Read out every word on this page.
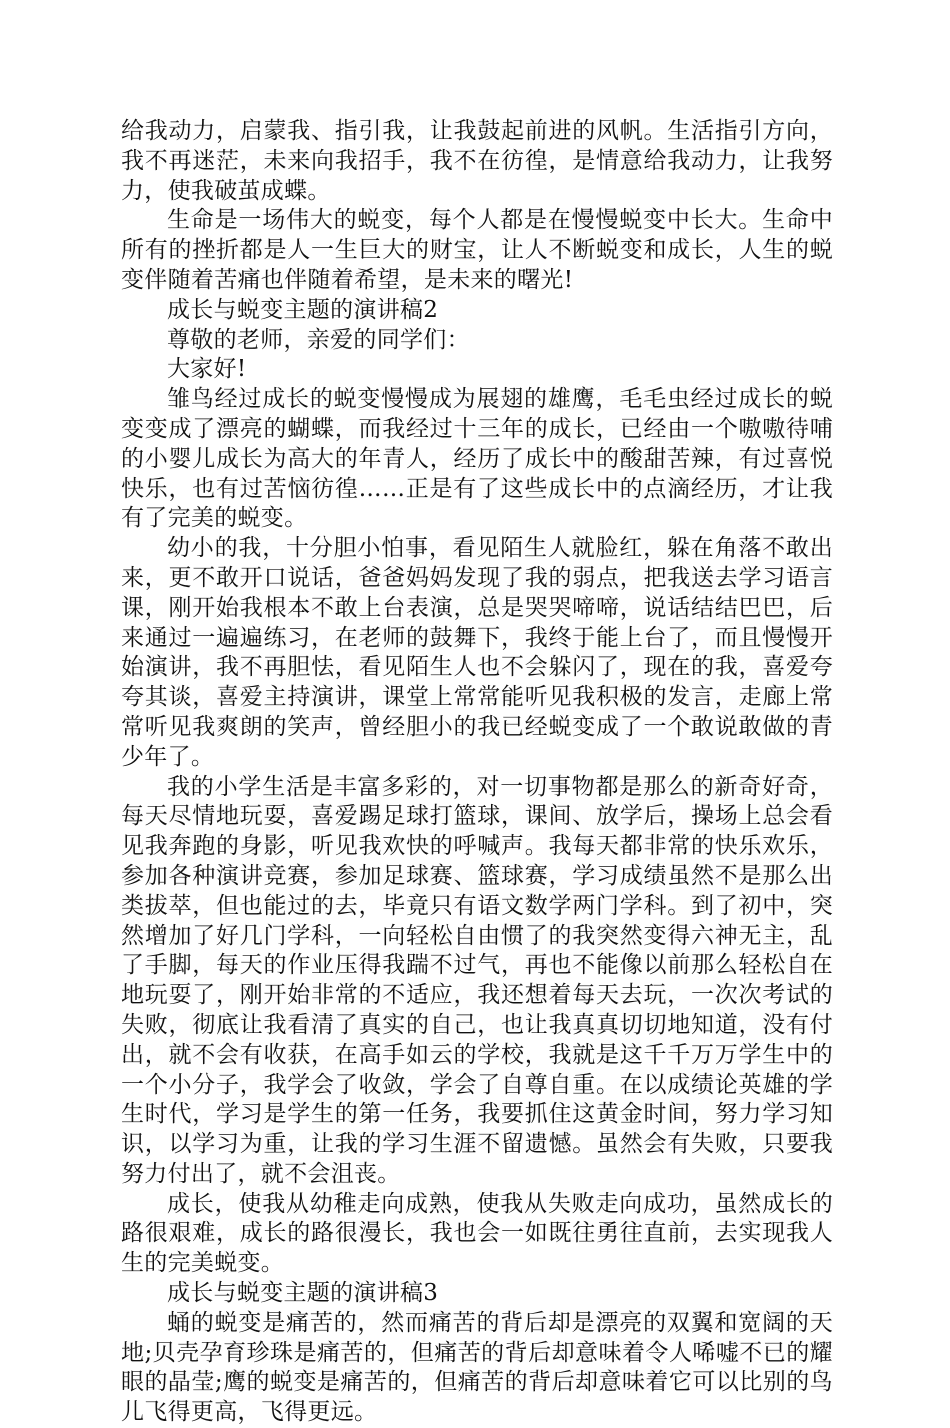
给我动力，启蒙我、指引我，让我鼓起前进的风帆。生活指引方向，我不再迷茫，未来向我招手，我不在彷徨，是情意给我动力，让我努力，使我破茧成蝶。

生命是一场伟大的蜕变，每个人都是在慢慢蜕变中长大。生命中所有的挫折都是人一生巨大的财宝，让人不断蜕变和成长，人生的蜕变伴随着苦痛也伴随着希望，是未来的曙光!

成长与蜕变主题的演讲稿2

尊敬的老师，亲爱的同学们：

大家好!

雏鸟经过成长的蜕变慢慢成为展翅的雄鹰，毛毛虫经过成长的蜕变变成了漂亮的蝴蝶，而我经过十三年的成长，已经由一个嗷嗷待哺的小婴儿成长为高大的年青人，经历了成长中的酸甜苦辣，有过喜悦快乐，也有过苦恼彷徨……正是有了这些成长中的点滴经历，才让我有了完美的蜕变。

幼小的我，十分胆小怕事，看见陌生人就脸红，躲在角落不敢出来，更不敢开口说话，爸爸妈妈发现了我的弱点，把我送去学习语言课，刚开始我根本不敢上台表演，总是哭哭啼啼，说话结结巴巴，后来通过一遍遍练习，在老师的鼓舞下，我终于能上台了，而且慢慢开始演讲，我不再胆怯，看见陌生人也不会躲闪了，现在的我，喜爱夸夸其谈，喜爱主持演讲，课堂上常常能听见我积极的发言，走廊上常常听见我爽朗的笑声，曾经胆小的我已经蜕变成了一个敢说敢做的青少年了。

我的小学生活是丰富多彩的，对一切事物都是那么的新奇好奇，每天尽情地玩耍，喜爱踢足球打篮球，课间、放学后，操场上总会看见我奔跑的身影，听见我欢快的呼喊声。我每天都非常的快乐欢乐，参加各种演讲竞赛，参加足球赛、篮球赛，学习成绩虽然不是那么出类拔萃，但也能过的去，毕竟只有语文数学两门学科。到了初中，突然增加了好几门学科，一向轻松自由惯了的我突然变得六神无主，乱了手脚，每天的作业压得我踹不过气，再也不能像以前那么轻松自在地玩耍了，刚开始非常的不适应，我还想着每天去玩，一次次考试的失败，彻底让我看清了真实的自己，也让我真真切切地知道，没有付出，就不会有收获，在高手如云的学校，我就是这千千万万学生中的一个小分子，我学会了收敛，学会了自尊自重。在以成绩论英雄的学生时代，学习是学生的第一任务，我要抓住这黄金时间，努力学习知识，以学习为重，让我的学习生涯不留遗憾。虽然会有失败，只要我努力付出了，就不会沮丧。

成长，使我从幼稚走向成熟，使我从失败走向成功，虽然成长的路很艰难，成长的路很漫长，我也会一如既往勇往直前，去实现我人生的完美蜕变。

成长与蜕变主题的演讲稿3

蛹的蜕变是痛苦的，然而痛苦的背后却是漂亮的双翼和宽阔的天地;贝壳孕育珍珠是痛苦的，但痛苦的背后却意味着令人唏嘘不已的耀眼的晶莹;鹰的蜕变是痛苦的，但痛苦的背后却意味着它可以比别的鸟儿飞得更高，飞得更远。
